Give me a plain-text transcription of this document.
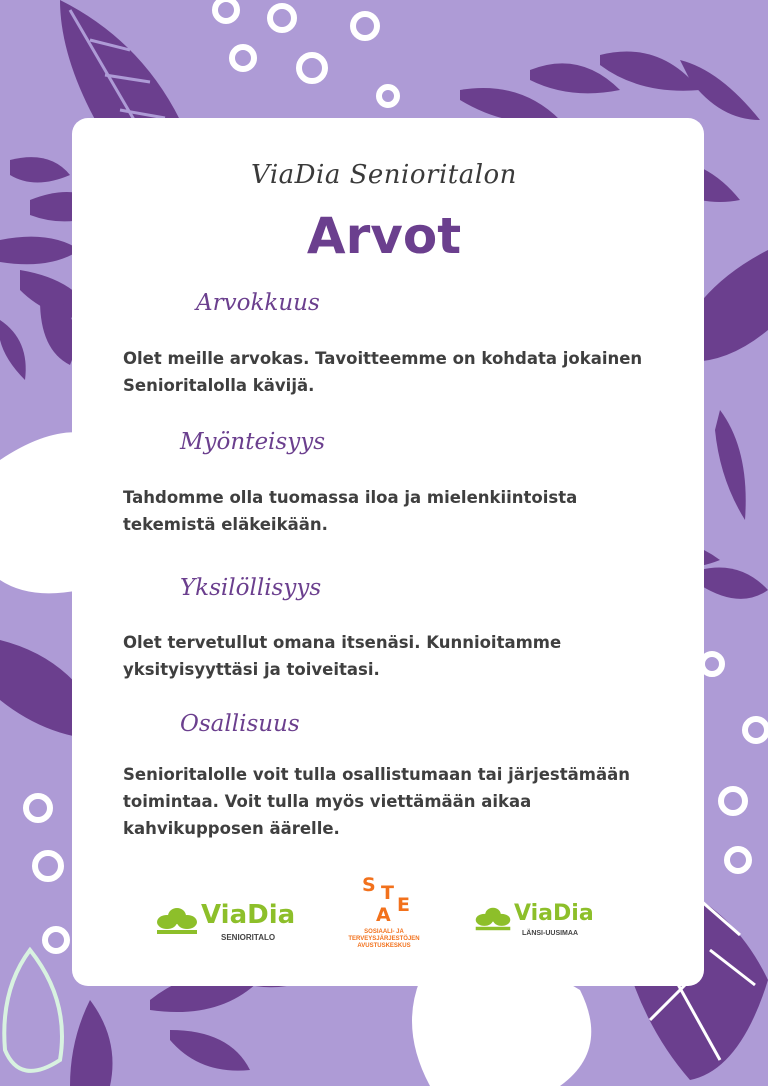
ViaDia Senioritalon
Arvot
Arvokkuus
Olet meille arvokas. Tavoitteemme on kohdata jokainen Senioritalolla kävijä.
Myönteisyys
Tahdomme olla tuomassa iloa ja mielenkiintoista tekemistä eläkeikään.
Yksilöllisyys
Olet tervetullut omana itsenäsi. Kunnioitamme yksityisyyttäsi ja toiveitasi.
Osallisuus
Senioritalolle voit tulla osallistumaan tai järjestämään toimintaa. Voit tulla myös viettämään aikaa kahvikupposen äärelle.
ViaDia
SENIORITALO
S T
E
A
SOSIAALI- JA
TERVEYSJÄRJESTÖJEN
AVUSTUSKESKUS
ViaDia
LÄNSI-UUSIMAA
